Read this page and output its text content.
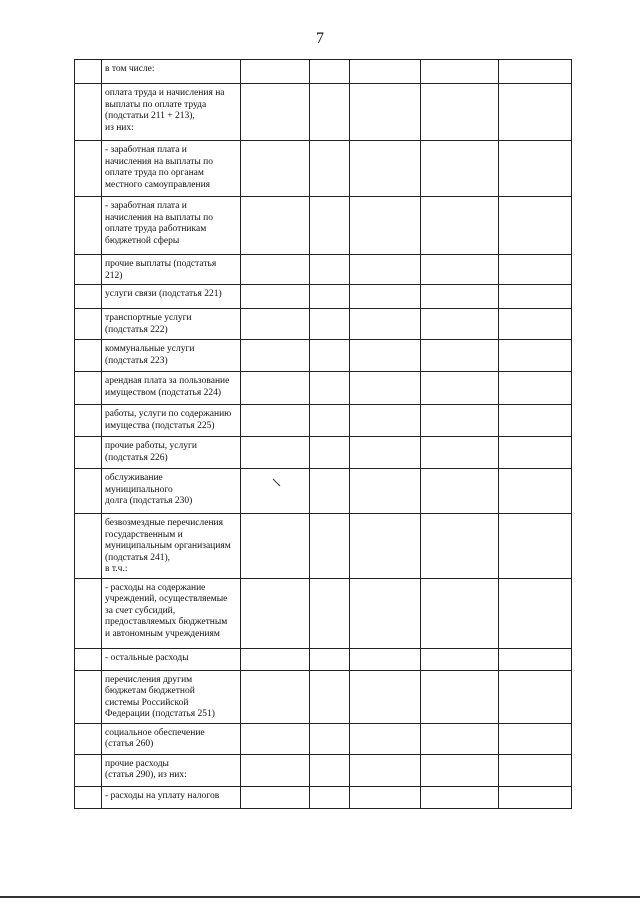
7

	в том числе:					

	оплата труда и начисления на
выплаты по оплате труда
(подстатьи 211 + 213),
из них:					

	- заработная плата и
начисления на выплаты по
оплате труда по органам
местного самоуправления					

	- заработная плата и
начисления на выплаты по
оплате труда работникам
бюджетной сферы					

	прочие выплаты (подстатья
212)					

	услуги связи (подстатья 221)					

	транспортные услуги
(подстатья 222)					

	коммунальные услуги
(подстатья 223)					

	арендная плата за пользование
имуществом (подстатья 224)					

	работы, услуги по содержанию
имущества (подстатья 225)					

	прочие работы, услуги
(подстатья 226)					

	обслуживание
муниципального
долга (подстатья 230)					

	безвозмездные перечисления
государственным и
муниципальным организациям
(подстатья 241),
в т.ч.:					

	- расходы на содержание
учреждений, осуществляемые
за счет субсидий,
предоставляемых бюджетным
и автономным учреждениям					

	- остальные расходы					

	перечисления другим
бюджетам бюджетной
системы Российской
Федерации (подстатья 251)					

	социальное обеспечение
(статья 260)					

	прочие расходы
(статья 290), из них:					

	- расходы на уплату налогов					
